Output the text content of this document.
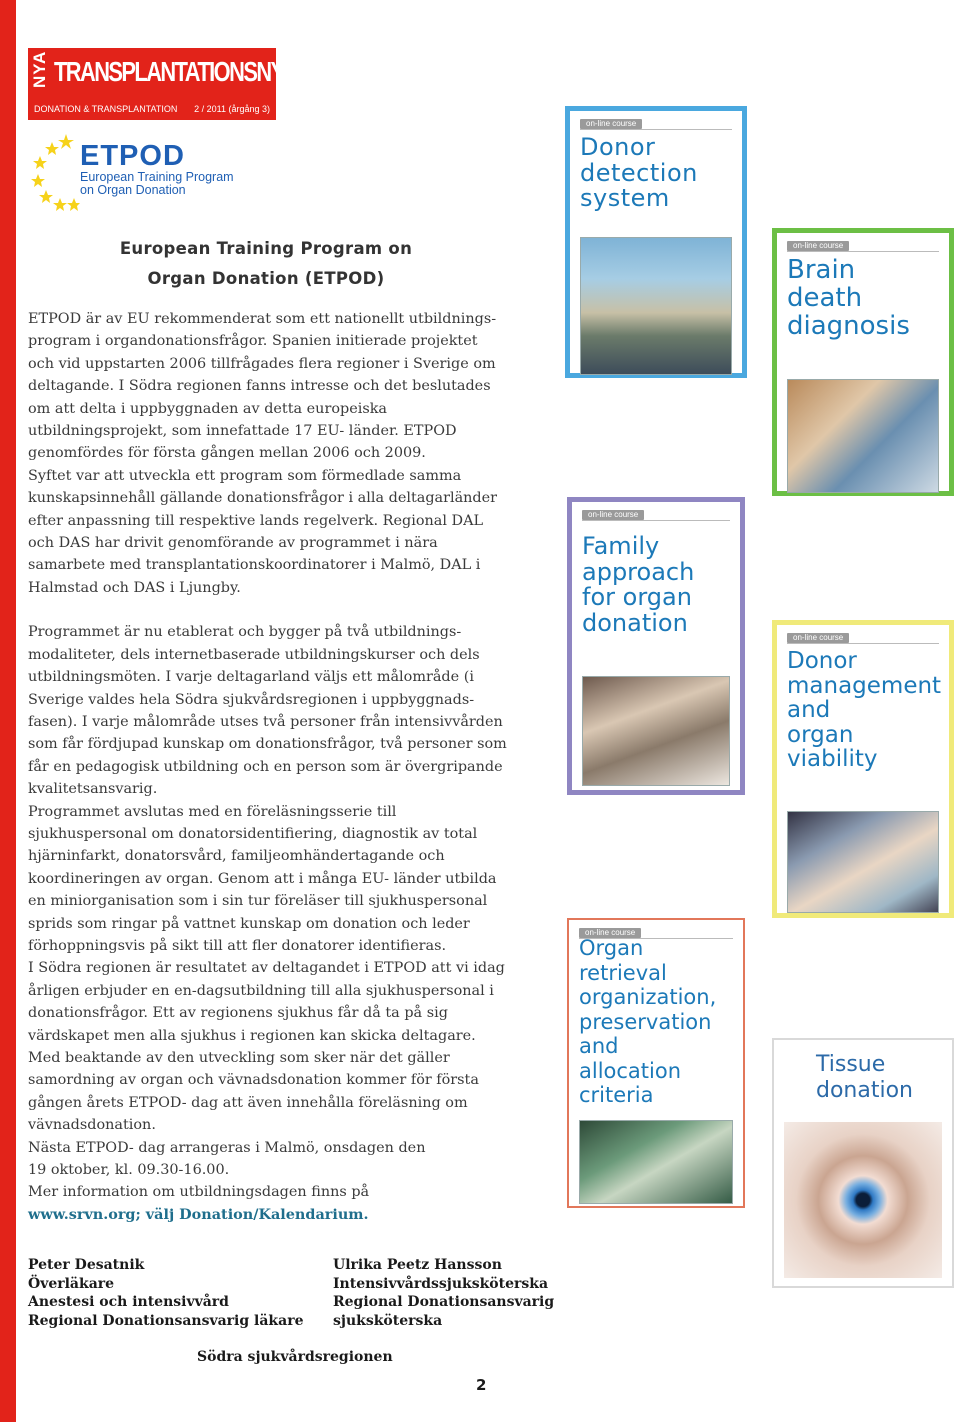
NYA TRANSPLANTATIONSNYTT
DONATION & TRANSPLANTATION 2 / 2011 (årgång 3)
ETPOD
European Training Program
on Organ Donation
European Training Program on
Organ Donation (ETPOD)

ETPOD är av EU rekommenderat som ett nationellt utbildningsprogram i organdonationsfrågor. Spanien initierade projektet och vid uppstarten 2006 tillfrågades flera regioner i Sverige om deltagande. I Södra regionen fanns intresse och det beslutades om att delta i uppbyggnaden av detta europeiska utbildningsprojekt, som innefattade 17 EU- länder. ETPOD genomfördes för första gången mellan 2006 och 2009.

Syftet var att utveckla ett program som förmedlade samma kunskapsinnehåll gällande donationsfrågor i alla deltagarländer efter anpassning till respektive lands regelverk. Regional DAL och DAS har drivit genomförande av programmet i nära samarbete med transplantationskoordinatorer i Malmö, DAL i Halmstad och DAS i Ljungby.

Programmet är nu etablerat och bygger på två utbildningsmodaliteter, dels internetbaserade utbildningskurser och dels utbildningsmöten. I varje deltagarland väljs ett målområde (i Sverige valdes hela Södra sjukvårdsregionen i uppbyggnadsfasen). I varje målområde utses två personer från intensivvården som får fördjupad kunskap om donationsfrågor, två personer som får en pedagogisk utbildning och en person som är övergripande kvalitetsansvarig.

Programmet avslutas med en föreläsningsserie till sjukhuspersonal om donatorsidentifiering, diagnostik av total hjärninfarkt, donatorsvård, familjeomhändertagande och koordineringen av organ. Genom att i många EU- länder utbilda en miniorganisation som i sin tur föreläser till sjukhuspersonal sprids som ringar på vattnet kunskap om donation och leder förhoppningsvis på sikt till att fler donatorer identifieras.

I Södra regionen är resultatet av deltagandet i ETPOD att vi idag årligen erbjuder en en-dagsutbildning till alla sjukhuspersonal i donationsfrågor. Ett av regionens sjukhus får då ta på sig värdskapet men alla sjukhus i regionen kan skicka deltagare.

Med beaktande av den utveckling som sker när det gäller samordning av organ och vävnadsdonation kommer för första gången årets ETPOD- dag att även innehålla föreläsning om vävnadsdonation.

Nästa ETPOD- dag arrangeras i Malmö, onsdagen den

19 oktober, kl. 09.30-16.00.

Mer information om utbildningsdagen finns på

www.srvn.org; välj Donation/Kalendarium.

Peter Desatnik
Överläkare
Anestesi och intensivvård
Regional Donationsansvarig läkare
Ulrika Peetz Hansson
Intensivvårdssjuksköterska
Regional Donationsansvarig
sjuksköterska
Södra sjukvårdsregionen
2
on-line course
Donor
detection
system
on-line course
Brain
death
diagnosis
on-line course
Family
approach
for organ
donation
on-line course
Donor
management
and
organ
viability
on-line course
Organ
retrieval
organization,
preservation
and
allocation
criteria
Tissue
donation
